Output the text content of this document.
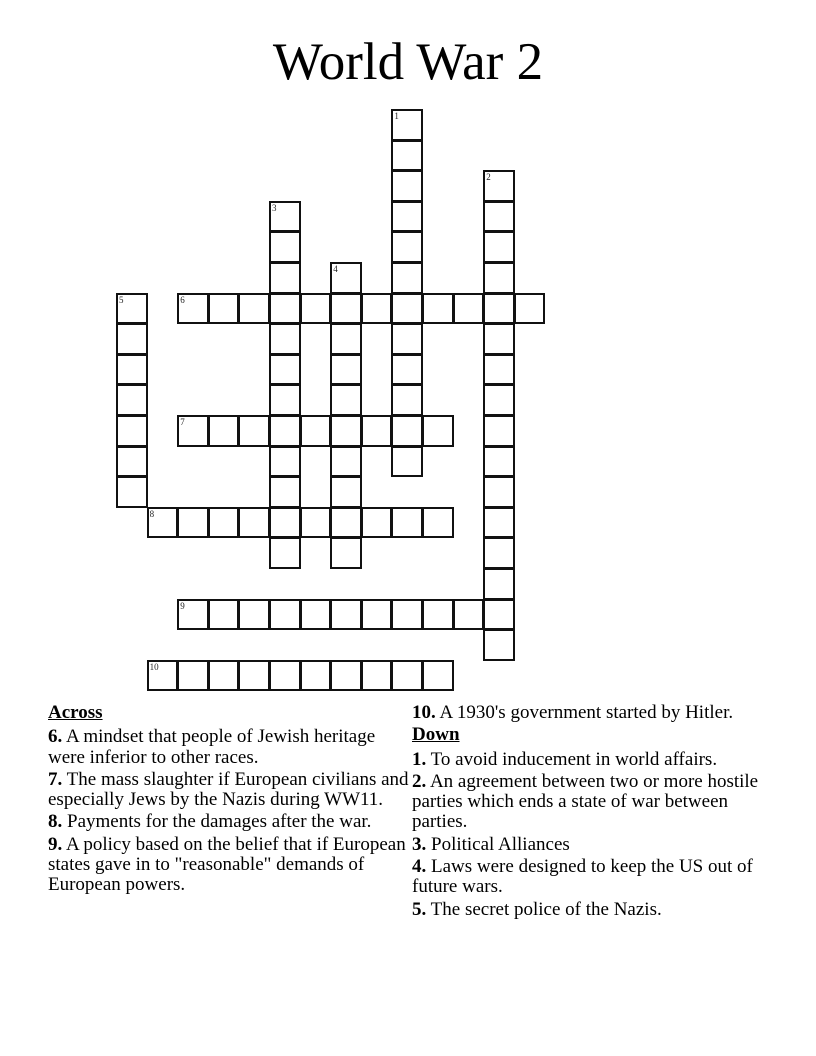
World War 2
1
2
3
4
5	6
7
8
9
10
Across
6. A mindset that people of Jewish heritage were inferior to other races.
7. The mass slaughter if European civilians and especially Jews by the Nazis during WW11.
8. Payments for the damages after the war.
9. A policy based on the belief that if European states gave in to "reasonable" demands of European powers.
10. A 1930's government started by Hitler.
Down
1. To avoid inducement in world affairs.
2. An agreement between two or more hostile parties which ends a state of war between parties.
3. Political Alliances
4. Laws were designed to keep the US out of future wars.
5. The secret police of the Nazis.
